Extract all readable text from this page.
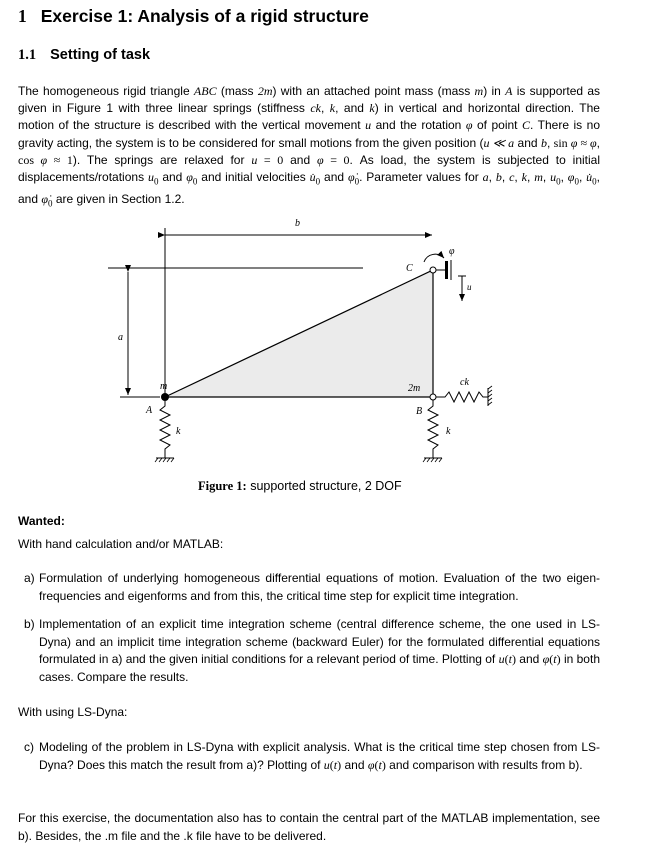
1 Exercise 1: Analysis of a rigid structure
1.1 Setting of task
The homogeneous rigid triangle ABC (mass 2m) with an attached point mass (mass m) in A is supported as given in Figure 1 with three linear springs (stiffness ck, k, and k) in vertical and horizontal direction. The motion of the structure is described with the vertical movement u and the rotation φ of point C. There is no gravity acting, the system is to be considered for small motions from the given position (u ≪ a and b, sin φ ≈ φ, cos φ ≈ 1). The springs are relaxed for u = 0 and φ = 0. As load, the system is subjected to initial displacements/rotations $u_0$ and $\varphi_0$ and initial velocities $u̇_0$ and $\varphi̇_0$. Parameter values for a, b, c, k, m, $u_0$, $\varphi_0$, $u̇_0$, and $\varphi̇_0$ are given in Section 1.2.
b
a
m
A
k
C
φ
u
2m
B
k
ck
Figure 1: supported structure, 2 DOF
Wanted:
With hand calculation and/or MATLAB:
a) Formulation of underlying homogeneous differential equations of motion. Evaluation of the two eigen-frequencies and eigenforms and from this, the critical time step for explicit time integration.
b) Implementation of an explicit time integration scheme (central difference scheme, the one used in LS-Dyna) and an implicit time integration scheme (backward Euler) for the formulated differential equations formulated in a) and the given initial conditions for a relevant period of time. Plotting of u(t) and φ(t) in both cases. Compare the results.
With using LS-Dyna:
c) Modeling of the problem in LS-Dyna with explicit analysis. What is the critical time step chosen from LS-Dyna? Does this match the result from a)? Plotting of u(t) and φ(t) and comparison with results from b).
For this exercise, the documentation also has to contain the central part of the MATLAB implementation, see b). Besides, the .m file and the .k file have to be delivered.
